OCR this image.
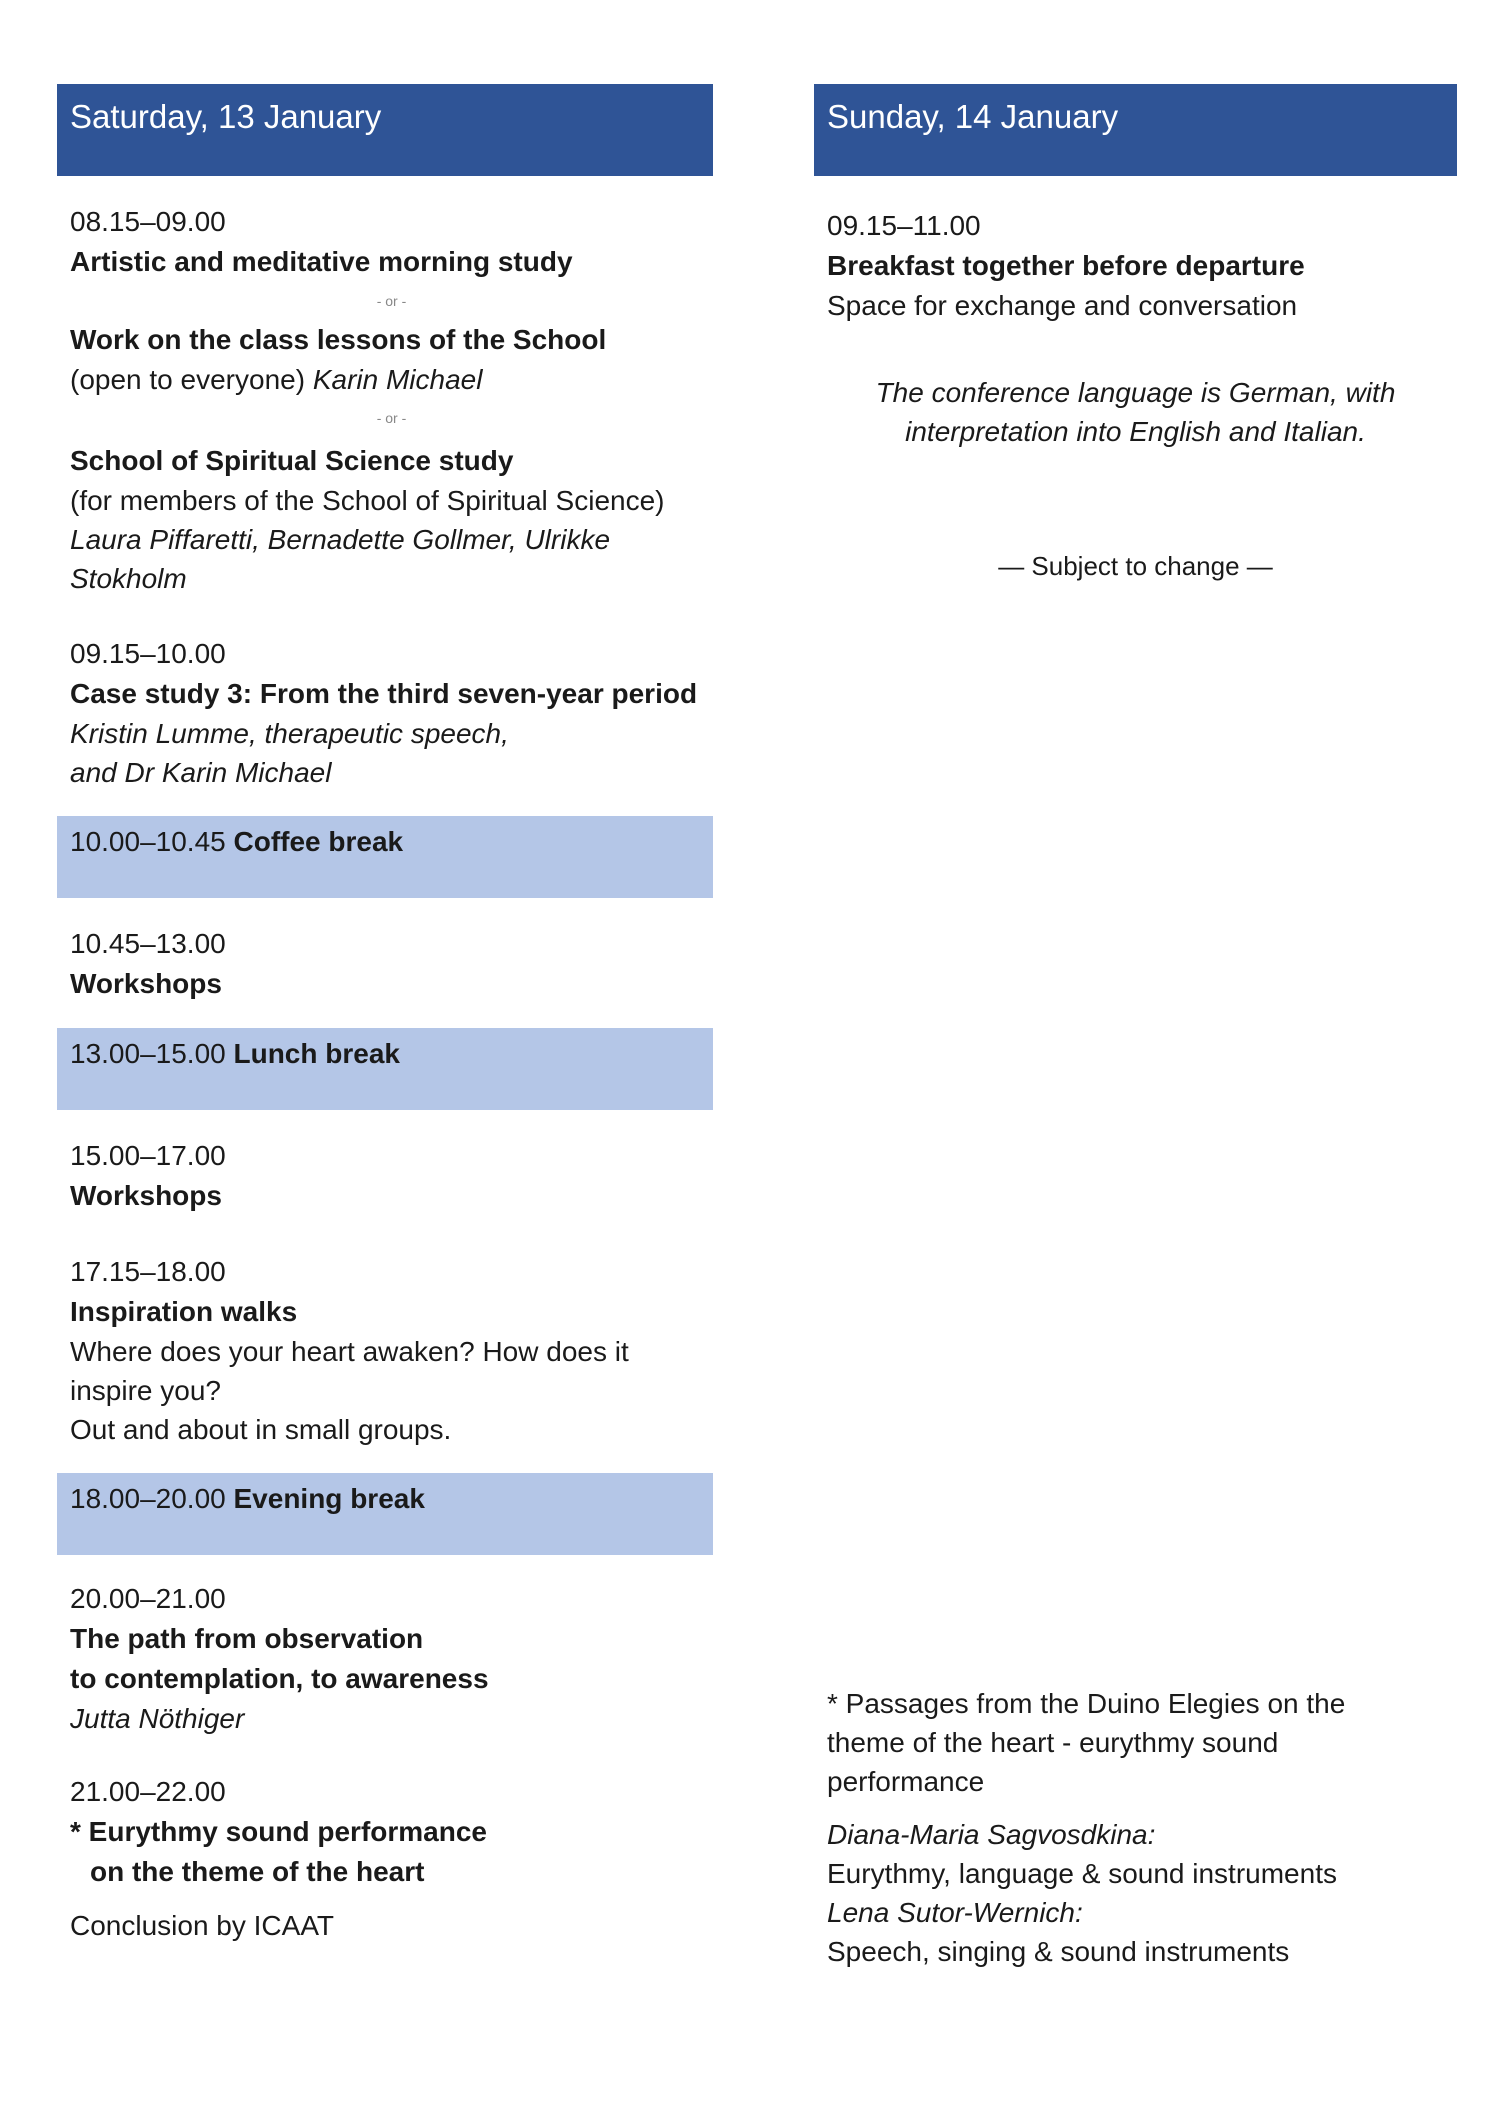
Saturday, 13 January
08.15–09.00
Artistic and meditative morning study
- or -
Work on the class lessons of the School
(open to everyone) Karin Michael
- or -
School of Spiritual Science study
(for members of the School of Spiritual Science)
Laura Piffaretti, Bernadette Gollmer, Ulrikke
Stokholm
09.15–10.00
Case study 3: From the third seven-year period
Kristin Lumme, therapeutic speech,
and Dr Karin Michael
10.00–10.45 Coffee break
10.45–13.00
Workshops
13.00–15.00 Lunch break
15.00–17.00
Workshops
17.15–18.00
Inspiration walks
Where does your heart awaken? How does it
inspire you?
Out and about in small groups.
18.00–20.00 Evening break
20.00–21.00
The path from observation
to contemplation, to awareness
Jutta Nöthiger
21.00–22.00
* Eurythmy sound performance
on the theme of the heart
Conclusion by ICAAT
Sunday, 14 January
09.15–11.00
Breakfast together before departure
Space for exchange and conversation
The conference language is German, with
interpretation into English and Italian.
— Subject to change —
* Passages from the Duino Elegies on the
theme of the heart - eurythmy sound
performance
Diana-Maria Sagvosdkina:
Eurythmy, language & sound instruments
Lena Sutor-Wernich:
Speech, singing & sound instruments
